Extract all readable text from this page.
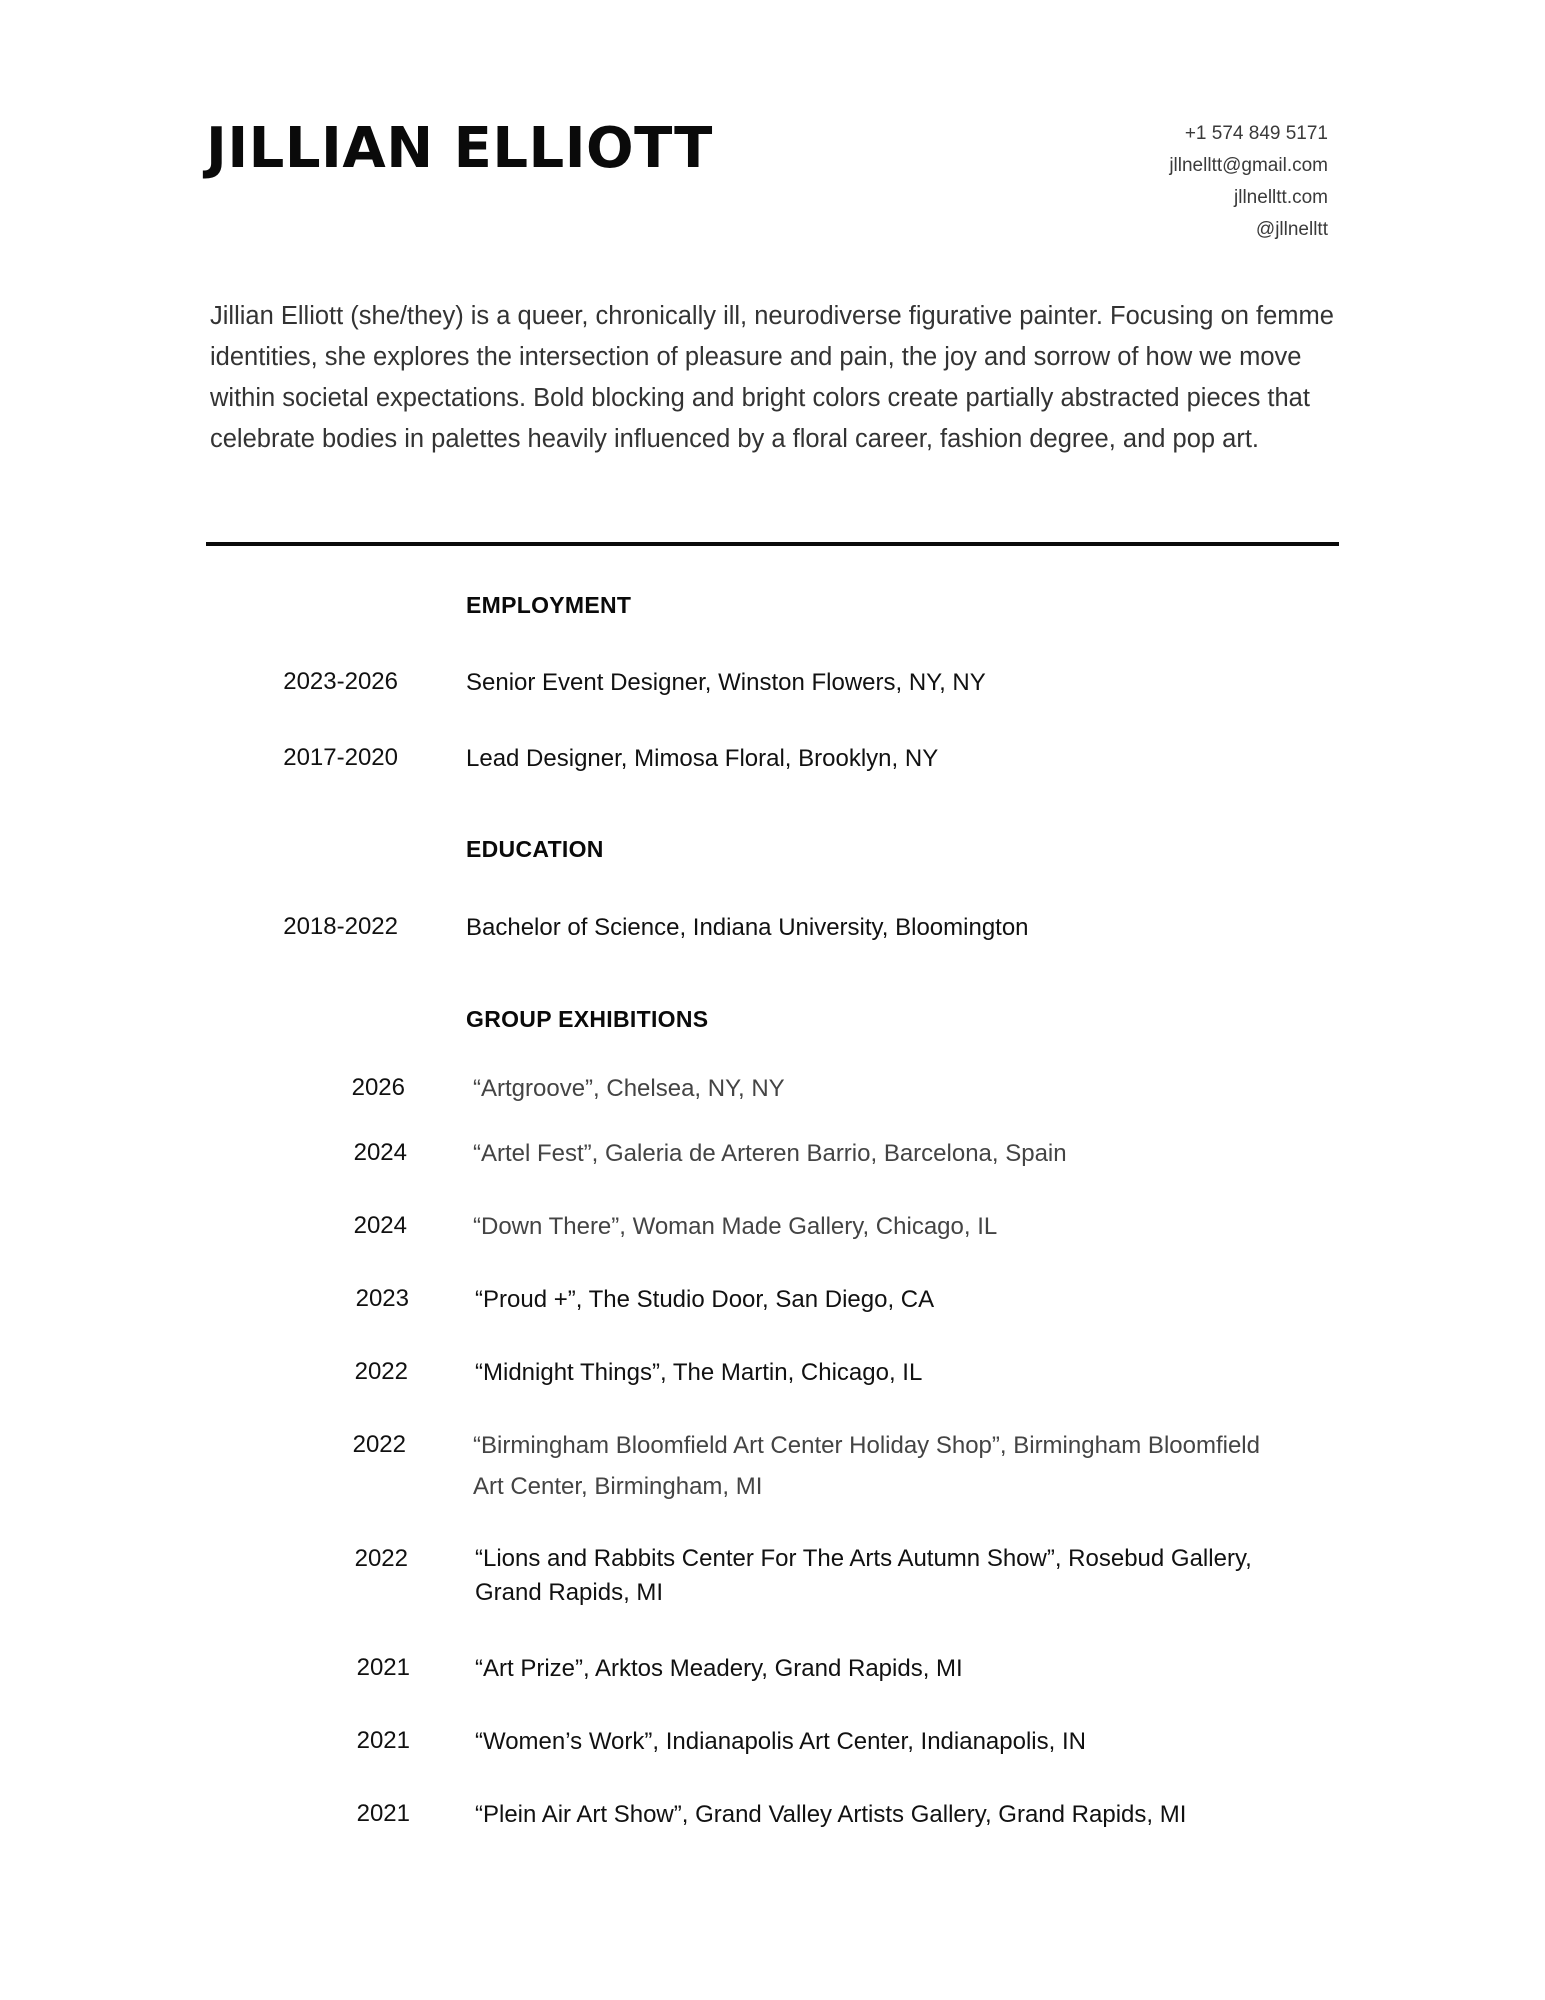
JILLIAN ELLIOTT	+1 574 849 5171
jllnelltt@gmail.com
jllnelltt.com
@jllnelltt

Jillian Elliott (she/they) is a queer, chronically ill, neurodiverse figurative painter. Focusing on femme identities, she explores the intersection of pleasure and pain, the joy and sorrow of how we move within societal expectations. Bold blocking and bright colors create partially abstracted pieces that celebrate bodies in palettes heavily influenced by a floral career, fashion degree, and pop art.

EMPLOYMENT
2023-2026	Senior Event Designer, Winston Flowers, NY, NY
2017-2020	Lead Designer, Mimosa Floral, Brooklyn, NY
EDUCATION
2018-2022	Bachelor of Science, Indiana University, Bloomington
GROUP EXHIBITIONS
2026	“Artgroove”, Chelsea, NY, NY
2024	“Artel Fest”, Galeria de Arteren Barrio, Barcelona, Spain
2024	“Down There”, Woman Made Gallery, Chicago, IL
2023	“Proud +”, The Studio Door, San Diego, CA
2022	“Midnight Things”, The Martin, Chicago, IL
2022	“Birmingham Bloomfield Art Center Holiday Shop”, Birmingham Bloomfield Art Center, Birmingham, MI
2022	“Lions and Rabbits Center For The Arts Autumn Show”, Rosebud Gallery, Grand Rapids, MI
2021	“Art Prize”, Arktos Meadery, Grand Rapids, MI
2021	“Women’s Work”, Indianapolis Art Center, Indianapolis, IN
2021	“Plein Air Art Show”, Grand Valley Artists Gallery, Grand Rapids, MI
